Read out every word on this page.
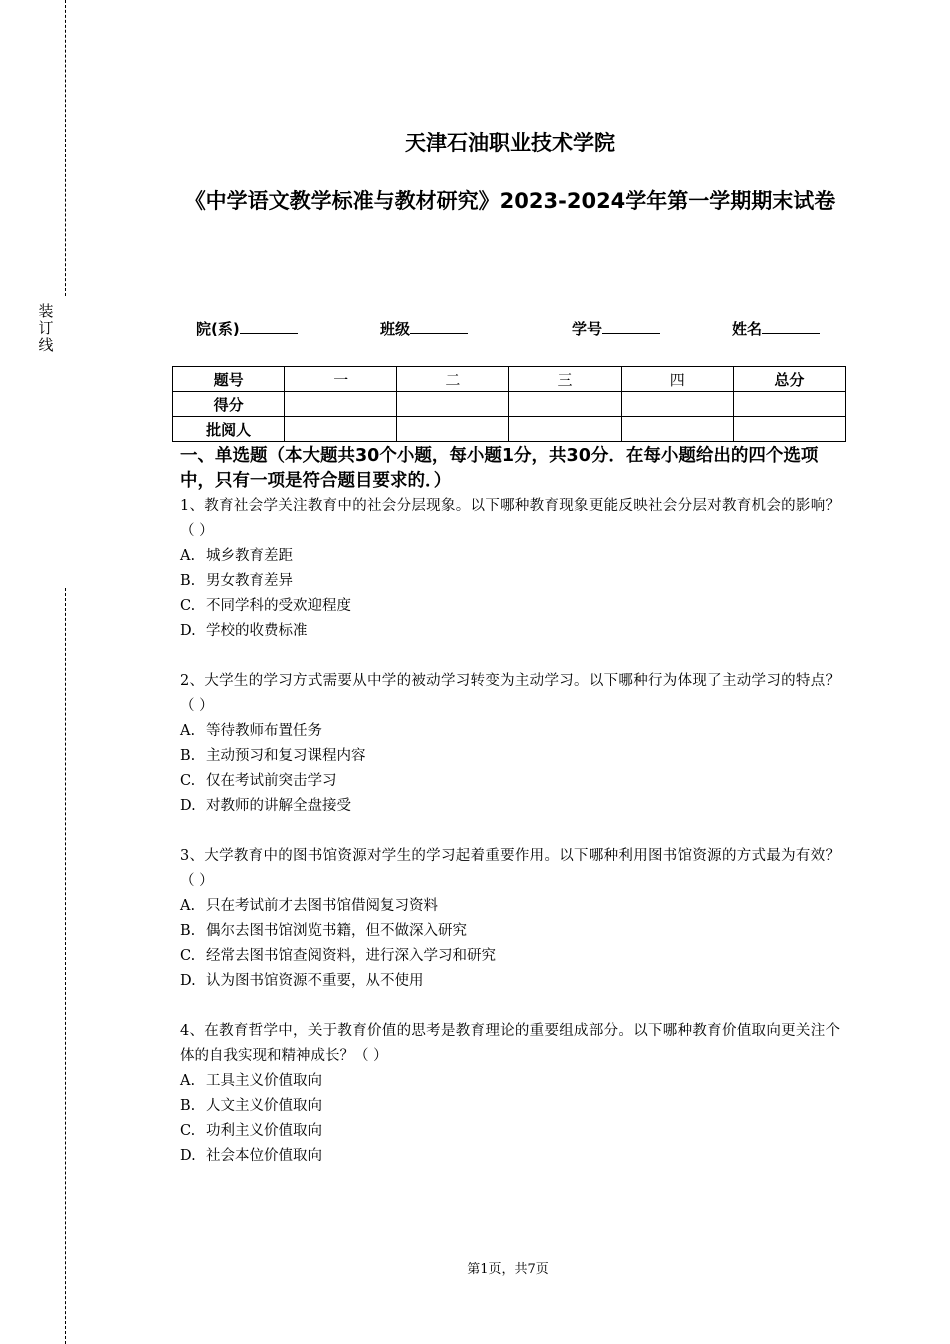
装
订
线
天津石油职业技术学院
《中学语文教学标准与教材研究》2023-2024学年第一学期期末试卷
院(系)	班级	学号	姓名
题号	一	二	三	四	总分
得分					
批阅人					
一、单选题（本大题共30个小题，每小题1分，共30分．在每小题给出的四个选项中，只有一项是符合题目要求的．）
1、教育社会学关注教育中的社会分层现象。以下哪种教育现象更能反映社会分层对教育机会的影响？（ ）
A. 城乡教育差距
B. 男女教育差异
C. 不同学科的受欢迎程度
D. 学校的收费标准
2、大学生的学习方式需要从中学的被动学习转变为主动学习。以下哪种行为体现了主动学习的特点？（ ）
A. 等待教师布置任务
B. 主动预习和复习课程内容
C. 仅在考试前突击学习
D. 对教师的讲解全盘接受
3、大学教育中的图书馆资源对学生的学习起着重要作用。以下哪种利用图书馆资源的方式最为有效？（ ）
A. 只在考试前才去图书馆借阅复习资料
B. 偶尔去图书馆浏览书籍，但不做深入研究
C. 经常去图书馆查阅资料，进行深入学习和研究
D. 认为图书馆资源不重要，从不使用
4、在教育哲学中，关于教育价值的思考是教育理论的重要组成部分。以下哪种教育价值取向更关注个体的自我实现和精神成长？（ ）
A. 工具主义价值取向
B. 人文主义价值取向
C. 功利主义价值取向
D. 社会本位价值取向
第1页，共7页
